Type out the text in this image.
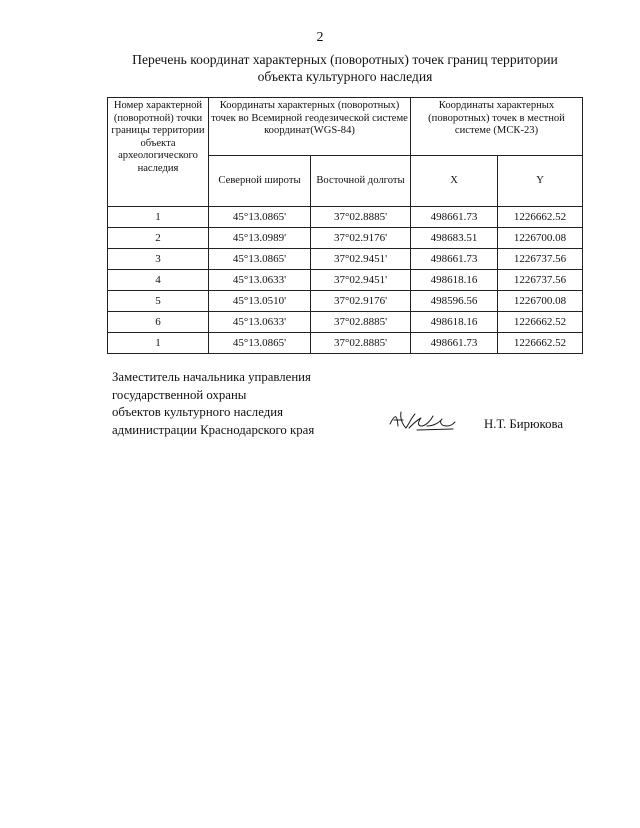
2
Перечень координат характерных (поворотных) точек границ территории
объекта культурного наследия
Номер характерной (поворотной) точки границы территории объекта археологического наследия	Координаты характерных (поворотных) точек во Всемирной геодезической системе координат(WGS-84)		Координаты характерных (поворотных) точек в местной системе (МСК-23)	
	Северной широты	Восточной долготы	X	Y
1	45°13.0865'	37°02.8885'	498661.73	1226662.52
2	45°13.0989'	37°02.9176'	498683.51	1226700.08
3	45°13.0865'	37°02.9451'	498661.73	1226737.56
4	45°13.0633'	37°02.9451'	498618.16	1226737.56
5	45°13.0510'	37°02.9176'	498596.56	1226700.08
6	45°13.0633'	37°02.8885'	498618.16	1226662.52
1	45°13.0865'	37°02.8885'	498661.73	1226662.52
Заместитель начальника управления
государственной охраны
объектов культурного наследия
администрации Краснодарского края	Н.Т. Бирюкова
